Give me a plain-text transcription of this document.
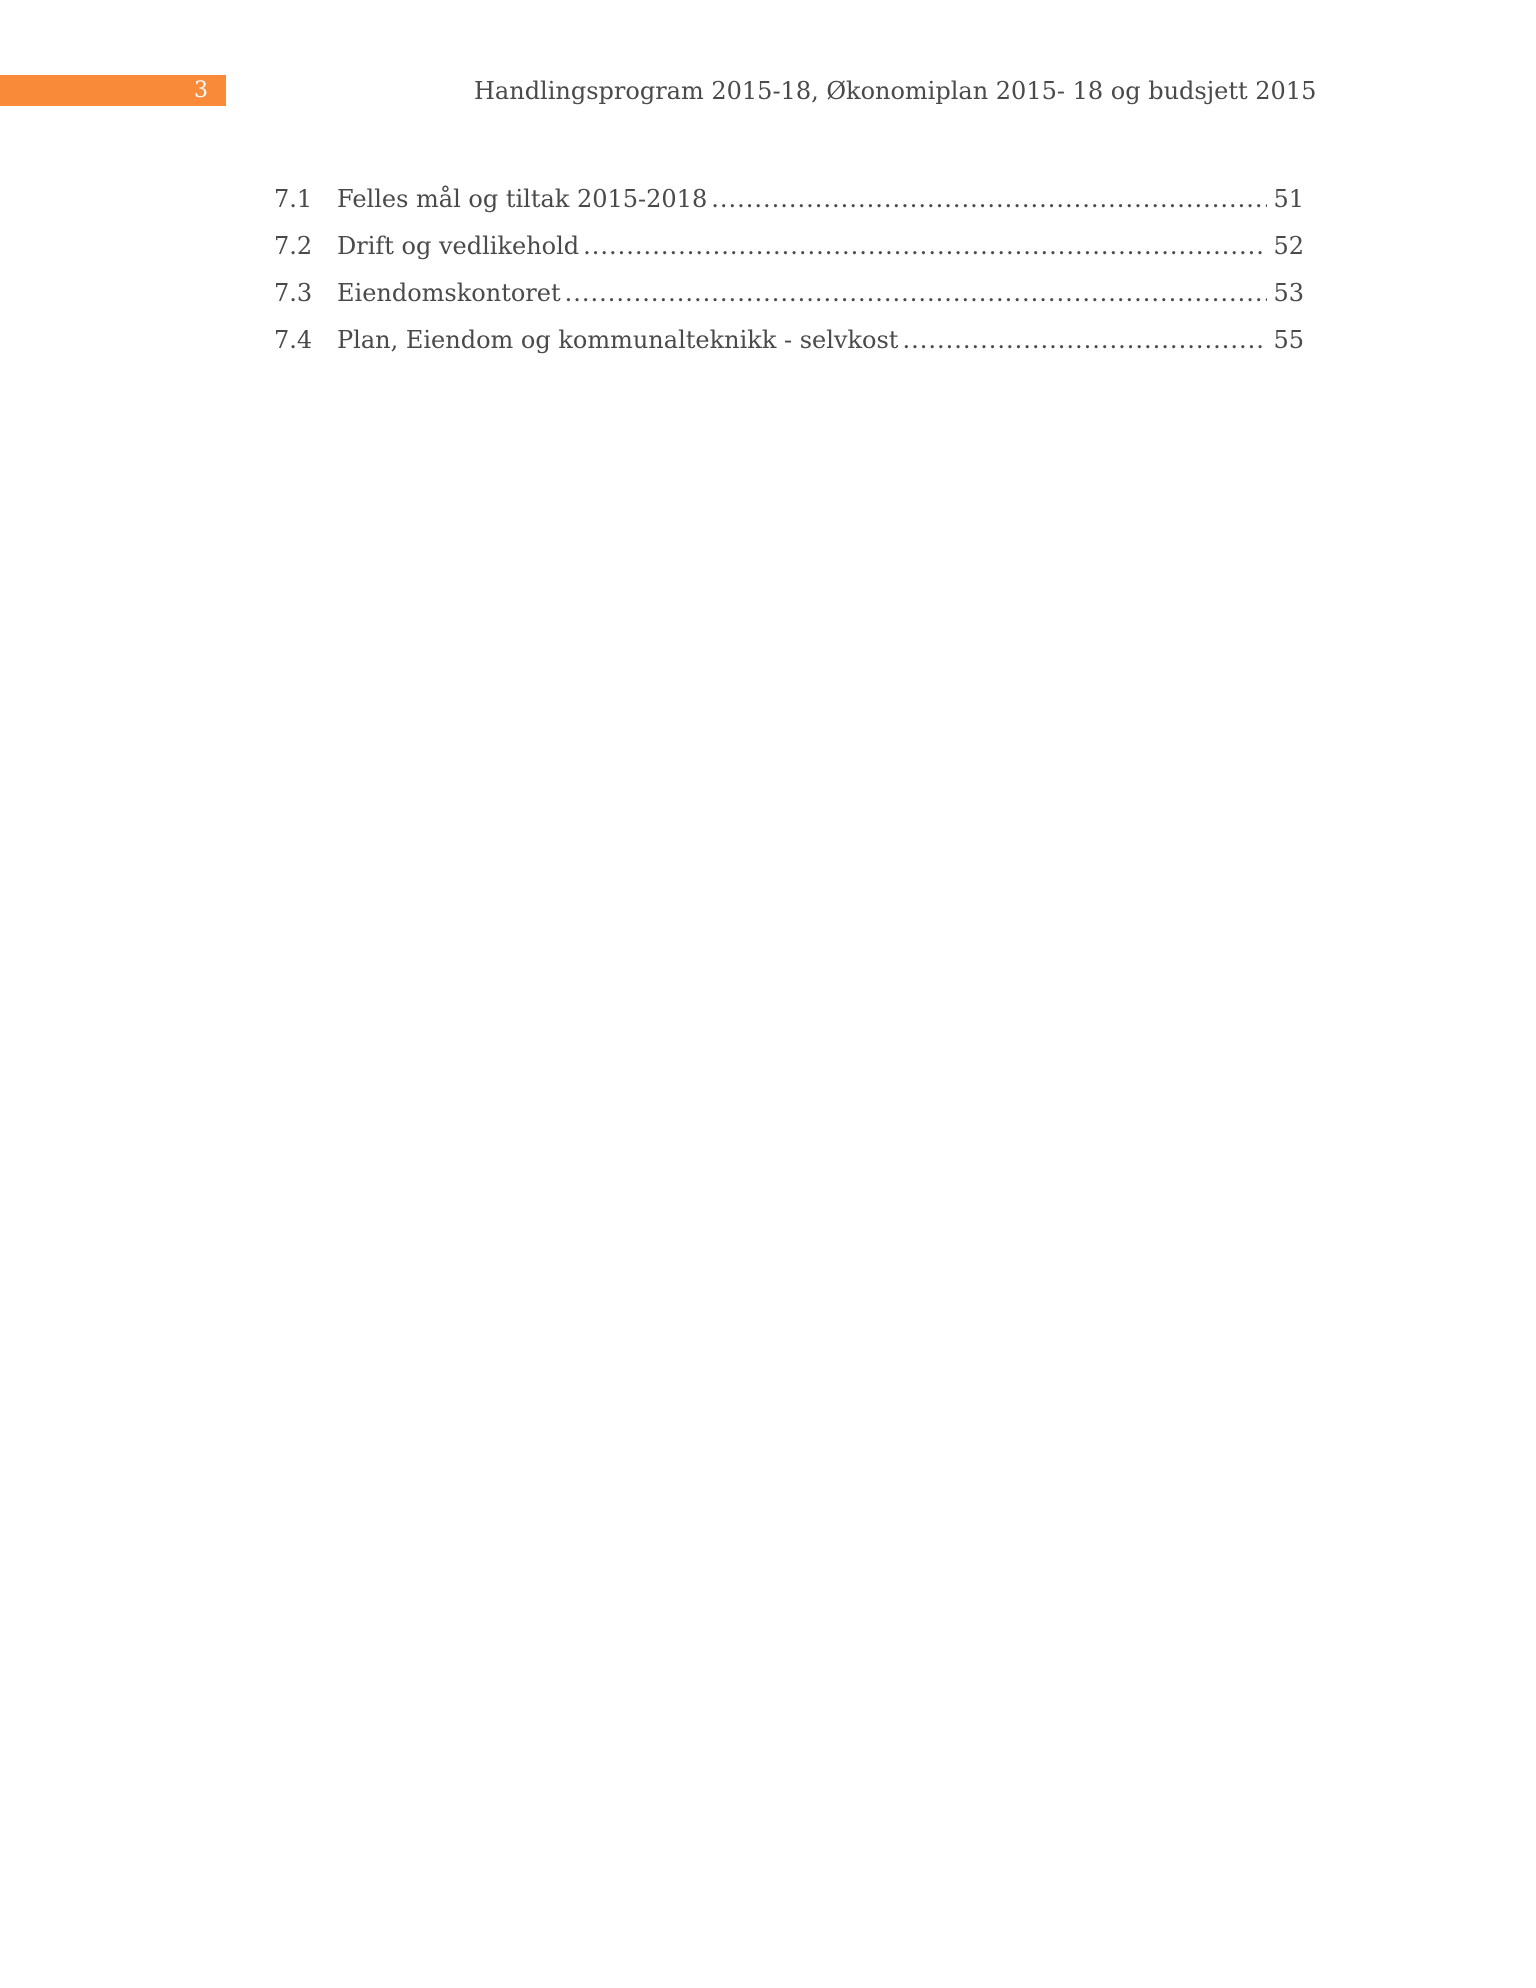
3	Handlingsprogram 2015-18, Økonomiplan 2015- 18 og budsjett 2015
7.1	Felles mål og tiltak 2015-2018 .....	51
7.2	Drift og vedlikehold .....	52
7.3	Eiendomskontoret .....	53
7.4	Plan, Eiendom og kommunalteknikk - selvkost .....	55
